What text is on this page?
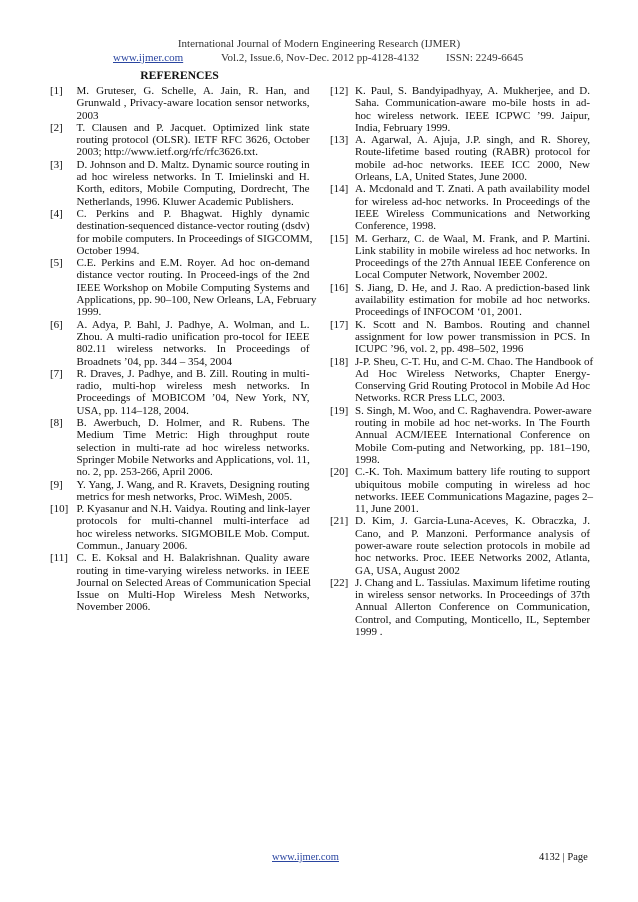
International Journal of Modern Engineering Research (IJMER)
www.ijmer.com	Vol.2, Issue.6, Nov-Dec. 2012 pp-4128-4132 ISSN: 2249-6645
REFERENCES
[1] M. Gruteser, G. Schelle, A. Jain, R. Han, and
Grunwald , Privacy-aware location sensor networks,
2003
[2] T. Clausen and P. Jacquet. Optimized link state
routing protocol (OLSR). IETF RFC 3626, October
2003; http://www.ietf.org/rfc/rfc3626.txt.
[3] D. Johnson and D. Maltz. Dynamic source routing in
ad hoc wireless networks. In T. Imielinski and H.
Korth, editors, Mobile Computing, Dordrecht, The
Netherlands, 1996. Kluwer Academic Publishers.
[4] C. Perkins and P. Bhagwat. Highly dynamic
destination-sequenced distance-vector routing (dsdv)
for mobile computers. In Proceedings of SIGCOMM,
October 1994.
[5] C.E. Perkins and E.M. Royer. Ad hoc on-demand
distance vector routing. In Proceed-ings of the 2nd
IEEE Workshop on Mobile Computing Systems and
Applications, pp. 90–100, New Orleans, LA, February
1999.
[6] A. Adya, P. Bahl, J. Padhye, A. Wolman, and L.
Zhou. A multi-radio unification pro-tocol for IEEE
802.11 wireless networks. In Proceedings of
Broadnets ’04, pp. 344 – 354, 2004
[7] R. Draves, J. Padhye, and B. Zill. Routing in multi-
radio, multi-hop wireless mesh networks. In
Proceedings of MOBICOM ’04, New York, NY,
USA, pp. 114–128, 2004.
[8] B. Awerbuch, D. Holmer, and R. Rubens. The
Medium Time Metric: High throughput route
selection in multi-rate ad hoc wireless networks.
Springer Mobile Networks and Applications, vol. 11,
no. 2, pp. 253-266, April 2006.
[9] Y. Yang, J. Wang, and R. Kravets, Designing routing
metrics for mesh networks, Proc. WiMesh, 2005.
[10] P. Kyasanur and N.H. Vaidya. Routing and link-layer
protocols for multi-channel multi-interface ad
hoc wireless networks. SIGMOBILE Mob. Comput.
Commun., January 2006.
[11] C. E. Koksal and H. Balakrishnan. Quality aware
routing in time-varying wireless networks. in IEEE
Journal on Selected Areas of Communication Special
Issue on Multi-Hop Wireless Mesh Networks,
November 2006.
[12] K. Paul, S. Bandyipadhyay, A. Mukherjee, and D.
Saha. Communication-aware mo-bile hosts in ad-
hoc wireless network. IEEE ICPWC ’99. Jaipur,
India, February 1999.
[13] A. Agarwal, A. Ajuja, J.P. singh, and R. Shorey,
Route-lifetime based routing (RABR) protocol for
mobile ad-hoc networks. IEEE ICC 2000, New
Orleans, LA, United States, June 2000.
[14] A. Mcdonald and T. Znati. A path availability model
for wireless ad-hoc networks. In Proceedings of the
IEEE Wireless Communications and Networking
Conference, 1998.
[15] M. Gerharz, C. de Waal, M. Frank, and P. Martini.
Link stability in mobile wireless ad hoc networks. In
Proceedings of the 27th Annual IEEE Conference on
Local Computer Network, November 2002.
[16] S. Jiang, D. He, and J. Rao. A prediction-based link
availability estimation for mobile ad hoc networks.
Proceedings of INFOCOM ‘01, 2001.
[17] K. Scott and N. Bambos. Routing and channel
assignment for low power transmission in PCS. In
ICUPC ’96, vol. 2, pp. 498–502, 1996
[18] J-P. Sheu, C-T. Hu, and C-M. Chao. The Handbook of
Ad Hoc Wireless Networks, Chapter Energy-
Conserving Grid Routing Protocol in Mobile Ad Hoc
Networks. RCR Press LLC, 2003.
[19] S. Singh, M. Woo, and C. Raghavendra. Power-aware
routing in mobile ad hoc net-works. In The Fourth
Annual ACM/IEEE International Conference on
Mobile Com-puting and Networking, pp. 181–190,
1998.
[20] C.-K. Toh. Maximum battery life routing to support
ubiquitous mobile computing in wireless ad hoc
networks. IEEE Communications Magazine, pages 2–
11, June 2001.
[21] D. Kim, J. Garcia-Luna-Aceves, K. Obraczka, J.
Cano, and P. Manzoni. Performance analysis of
power-aware route selection protocols in mobile ad
hoc networks. Proc. IEEE Networks 2002, Atlanta,
GA, USA, August 2002
[22] J. Chang and L. Tassiulas. Maximum lifetime routing
in wireless sensor networks. In Proceedings of 37th
Annual Allerton Conference on Communication,
Control, and Computing, Monticello, IL, September
1999 .
www.ijmer.com	4132 | Page
